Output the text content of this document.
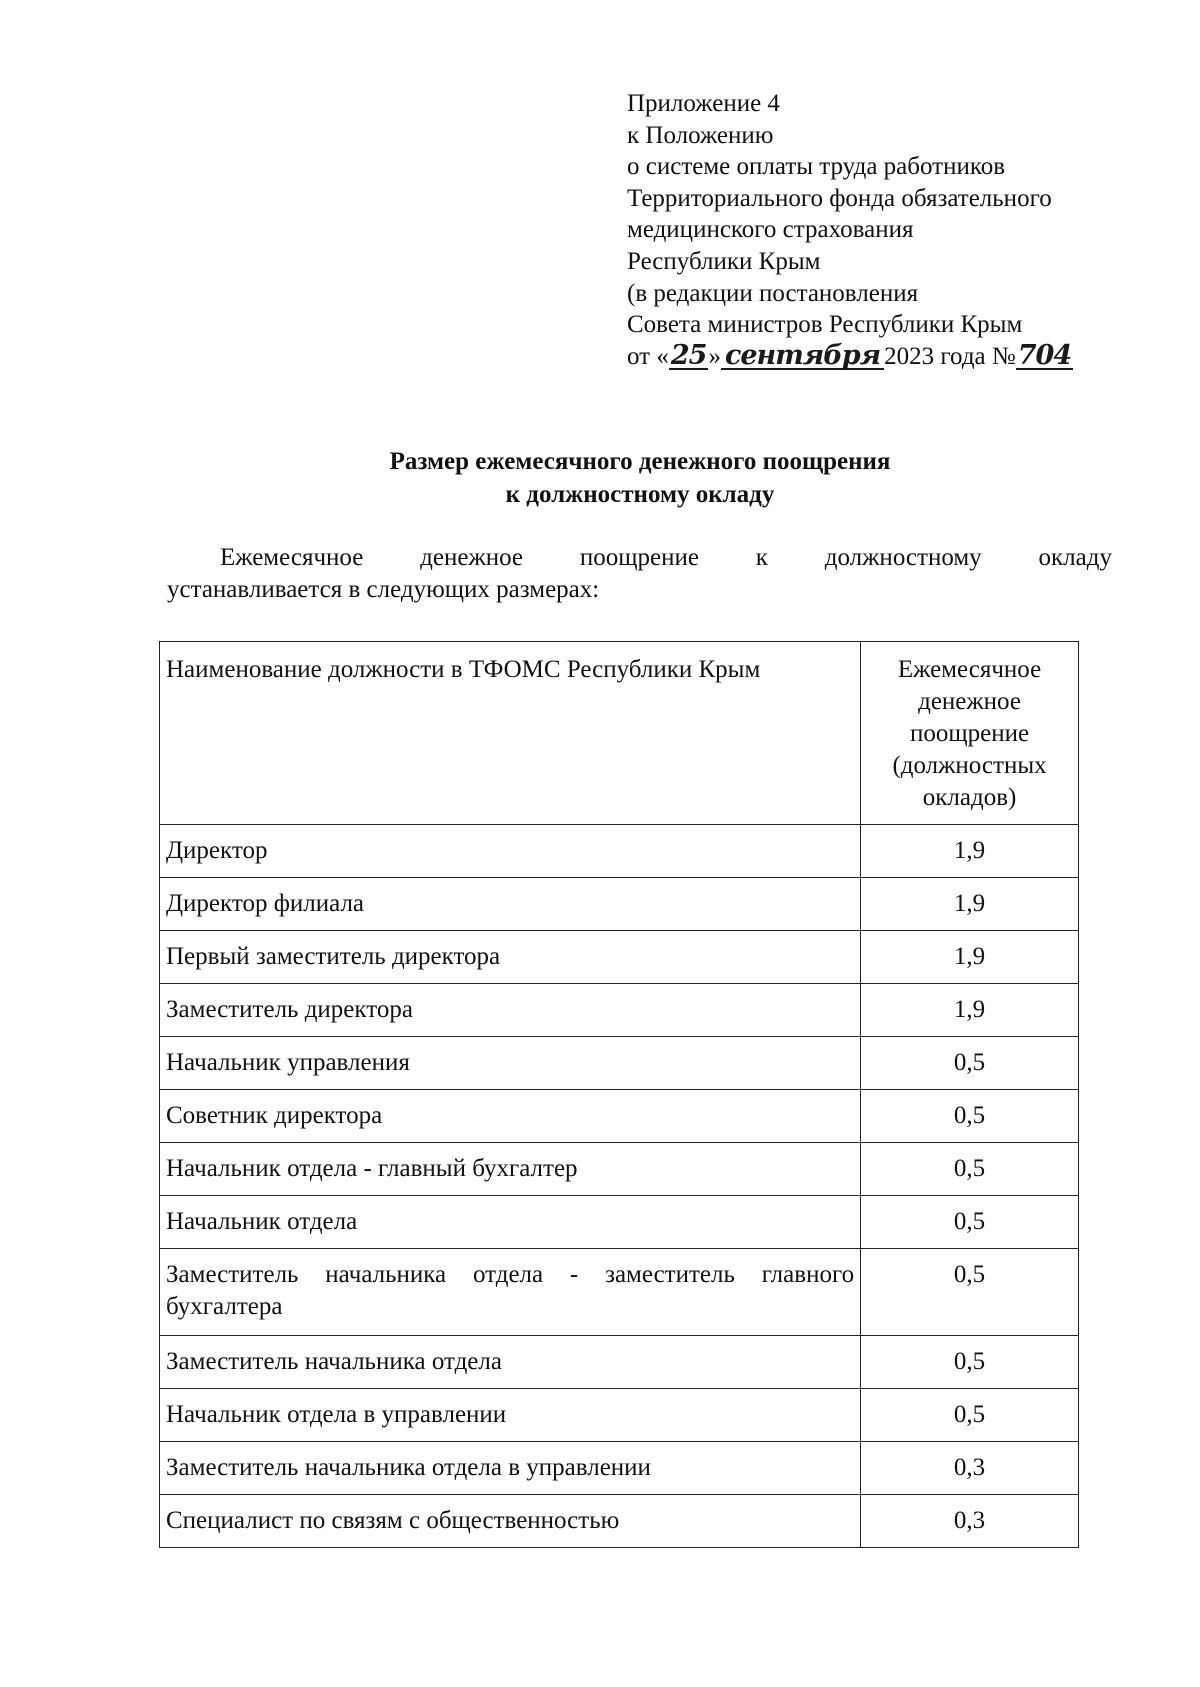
Приложение 4
к Положению
о системе оплаты труда работников
Территориального фонда обязательного
медицинского страхования
Республики Крым
(в редакции постановления
Совета министров Республики Крым
от « 25 » сентября 2023 года № 704
Размер ежемесячного денежного поощрения
к должностному окладу
Ежемесячное денежное поощрение к должностному окладу
устанавливается в следующих размерах:
Наименование должности в ТФОМС Республики Крым	Ежемесячное
денежное
поощрение
(должностных
окладов)

Директор	1,9
Директор филиала	1,9
Первый заместитель директора	1,9
Заместитель директора	1,9
Начальник управления	0,5
Советник директора	0,5
Начальник отдела - главный бухгалтер	0,5
Начальник отдела	0,5
Заместитель начальника отдела - заместитель главного бухгалтера	0,5
Заместитель начальника отдела	0,5
Начальник отдела в управлении	0,5
Заместитель начальника отдела в управлении	0,3
Специалист по связям с общественностью	0,3
